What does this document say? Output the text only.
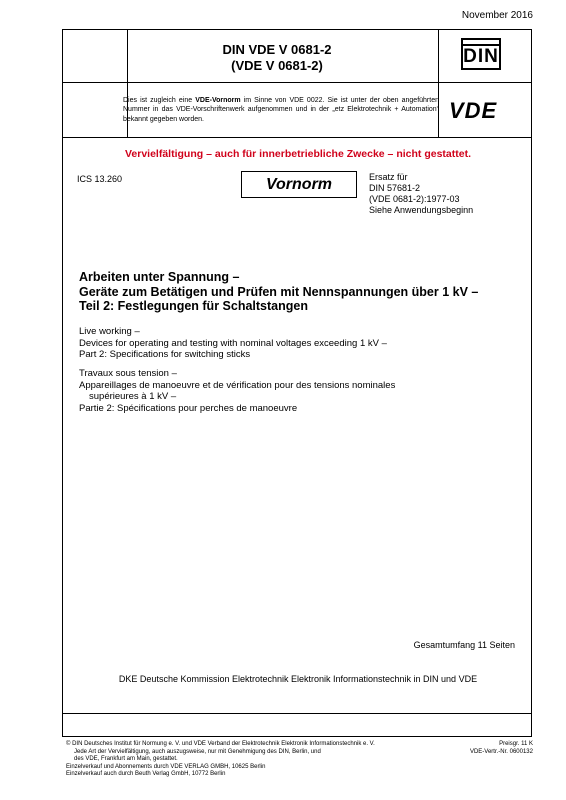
November 2016
DIN VDE V 0681-2
(VDE V 0681-2)	DIN
Dies ist zugleich eine VDE-Vornorm im Sinne von VDE 0022. Sie ist unter der oben angeführten Nummer in das VDE-Vorschriftenwerk aufgenommen und in der „etz Elektrotechnik + Automation“ bekannt gegeben worden.	VDE
Vervielfältigung – auch für innerbetriebliche Zwecke – nicht gestattet.
ICS 13.260	Vornorm	Ersatz für
DIN 57681-2
(VDE 0681-2):1977-03
Siehe Anwendungsbeginn
Arbeiten unter Spannung –
Geräte zum Betätigen und Prüfen mit Nennspannungen über 1 kV –
Teil 2: Festlegungen für Schaltstangen
Live working –
Devices for operating and testing with nominal voltages exceeding 1 kV –
Part 2: Specifications for switching sticks
Travaux sous tension –
Appareillages de manoeuvre et de vérification pour des tensions nominales
supérieures à 1 kV –
Partie 2: Spécifications pour perches de manoeuvre
Gesamtumfang 11 Seiten
DKE Deutsche Kommission Elektrotechnik Elektronik Informationstechnik in DIN und VDE
© DIN Deutsches Institut für Normung e. V. und VDE Verband der Elektrotechnik Elektronik Informationstechnik e. V.
Jede Art der Vervielfältigung, auch auszugsweise, nur mit Genehmigung des DIN, Berlin, und
des VDE, Frankfurt am Main, gestattet.
Einzelverkauf und Abonnements durch VDE VERLAG GMBH, 10625 Berlin
Einzelverkauf auch durch Beuth Verlag GmbH, 10772 Berlin
Preisgr. 11 K
VDE-Vertr.-Nr. 0600132
